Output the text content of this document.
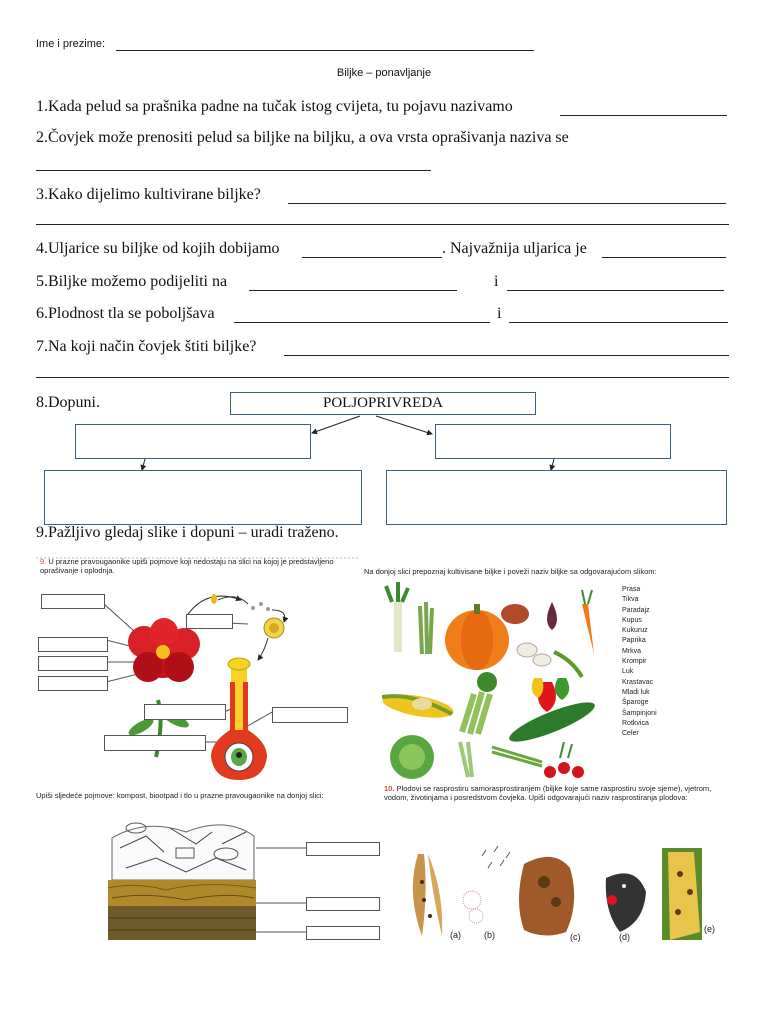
Ime i prezime:
Biljke – ponavljanje
1.Kada pelud sa prašnika padne na tučak istog cvijeta, tu pojavu nazivamo
2.Čovjek može prenositi pelud sa biljke na biljku, a ova vrsta oprašivanja naziva se
3.Kako dijelimo kultivirane biljke?
4.Uljarice su biljke od kojih dobijamo	. Najvažnija uljarica je
5.Biljke možemo podijeliti na	i
6.Plodnost tla se poboljšava	i
7.Na koji način čovjek štiti biljke?
8.Dopuni.	POLJOPRIVREDA
9.Pažljivo gledaj slike i dopuni – uradi traženo.
9. U prazne pravougaonike upiši pojmove koji nedostaju na slici na kojoj je predstavljeno oprašivanje i oplodnja.	Na donjoj slici prepoznaj kultivisane biljke i poveži naziv biljke sa odgovarajućom slikom:
Prasa
Tikva
Paradajz
Kupus
Kukuruz
Paprika
Mrkva
Krompir
Luk
Krastavac
Mladi luk
Šparoge
Šampinjoni
Rotkvica
Celer
Upiši sljedeće pojmove: kompost, biootpad i tlo u prazne pravougaonike na donjoj slici:
10. Plodovi se rasprostiru samorasprostiranjem (biljke koje same rasprostiru svoje sjeme), vjetrom, vodom, životinjama i posredstvom čovjeka. Upiši odgovarajući naziv rasprostiranja plodova:
(a)	(b)	(c)	(d)
(e)
